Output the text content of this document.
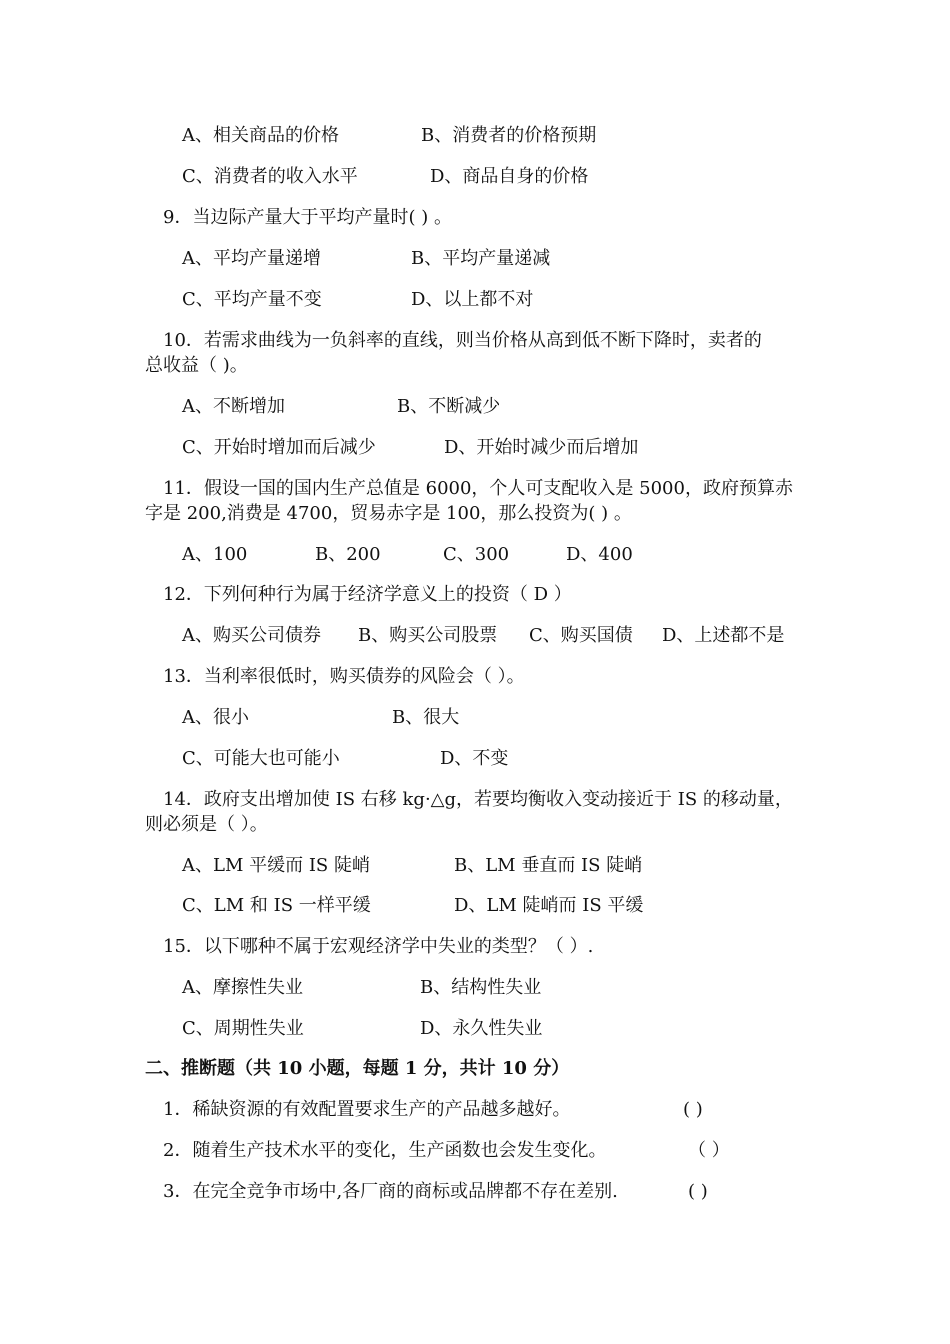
A、相关商品的价格	B、消费者的价格预期
C、消费者的收入水平	D、商品自身的价格
9．当边际产量大于平均产量时( ) 。
A、平均产量递增	B、平均产量递减
C、平均产量不变	D、以上都不对
10．若需求曲线为一负斜率的直线，则当价格从高到低不断下降时，卖者的
总收益（ )。
A、不断增加	B、不断减少
C、开始时增加而后减少	D、开始时减少而后增加
11．假设一国的国内生产总值是 6000，个人可支配收入是 5000，政府预算赤
字是 200,消费是 4700，贸易赤字是 100，那么投资为( ) 。
A、100	B、200	C、300	D、400
12．下列何种行为属于经济学意义上的投资（ D ）
A、购买公司债券 B、购买公司股票 C、购买国债 D、上述都不是
13．当利率很低时，购买债券的风险会（ ）。
A、很小	B、很大
C、可能大也可能小	D、不变
14．政府支出增加使 IS 右移 kg·△g，若要均衡收入变动接近于 IS 的移动量，
则必须是（ ）。
A、LM 平缓而 IS 陡峭	B、LM 垂直而 IS 陡峭
C、LM 和 IS 一样平缓	D、LM 陡峭而 IS 平缓
15．以下哪种不属于宏观经济学中失业的类型？（ ）.
A、摩擦性失业	B、结构性失业
C、周期性失业	D、永久性失业
二、推断题（共 10 小题，每题 1 分，共计 10 分）
1．稀缺资源的有效配置要求生产的产品越多越好。	( )
2．随着生产技术水平的变化，生产函数也会发生变化。	（ ）
3．在完全竞争市场中,各厂商的商标或品牌都不存在差别.	( )
